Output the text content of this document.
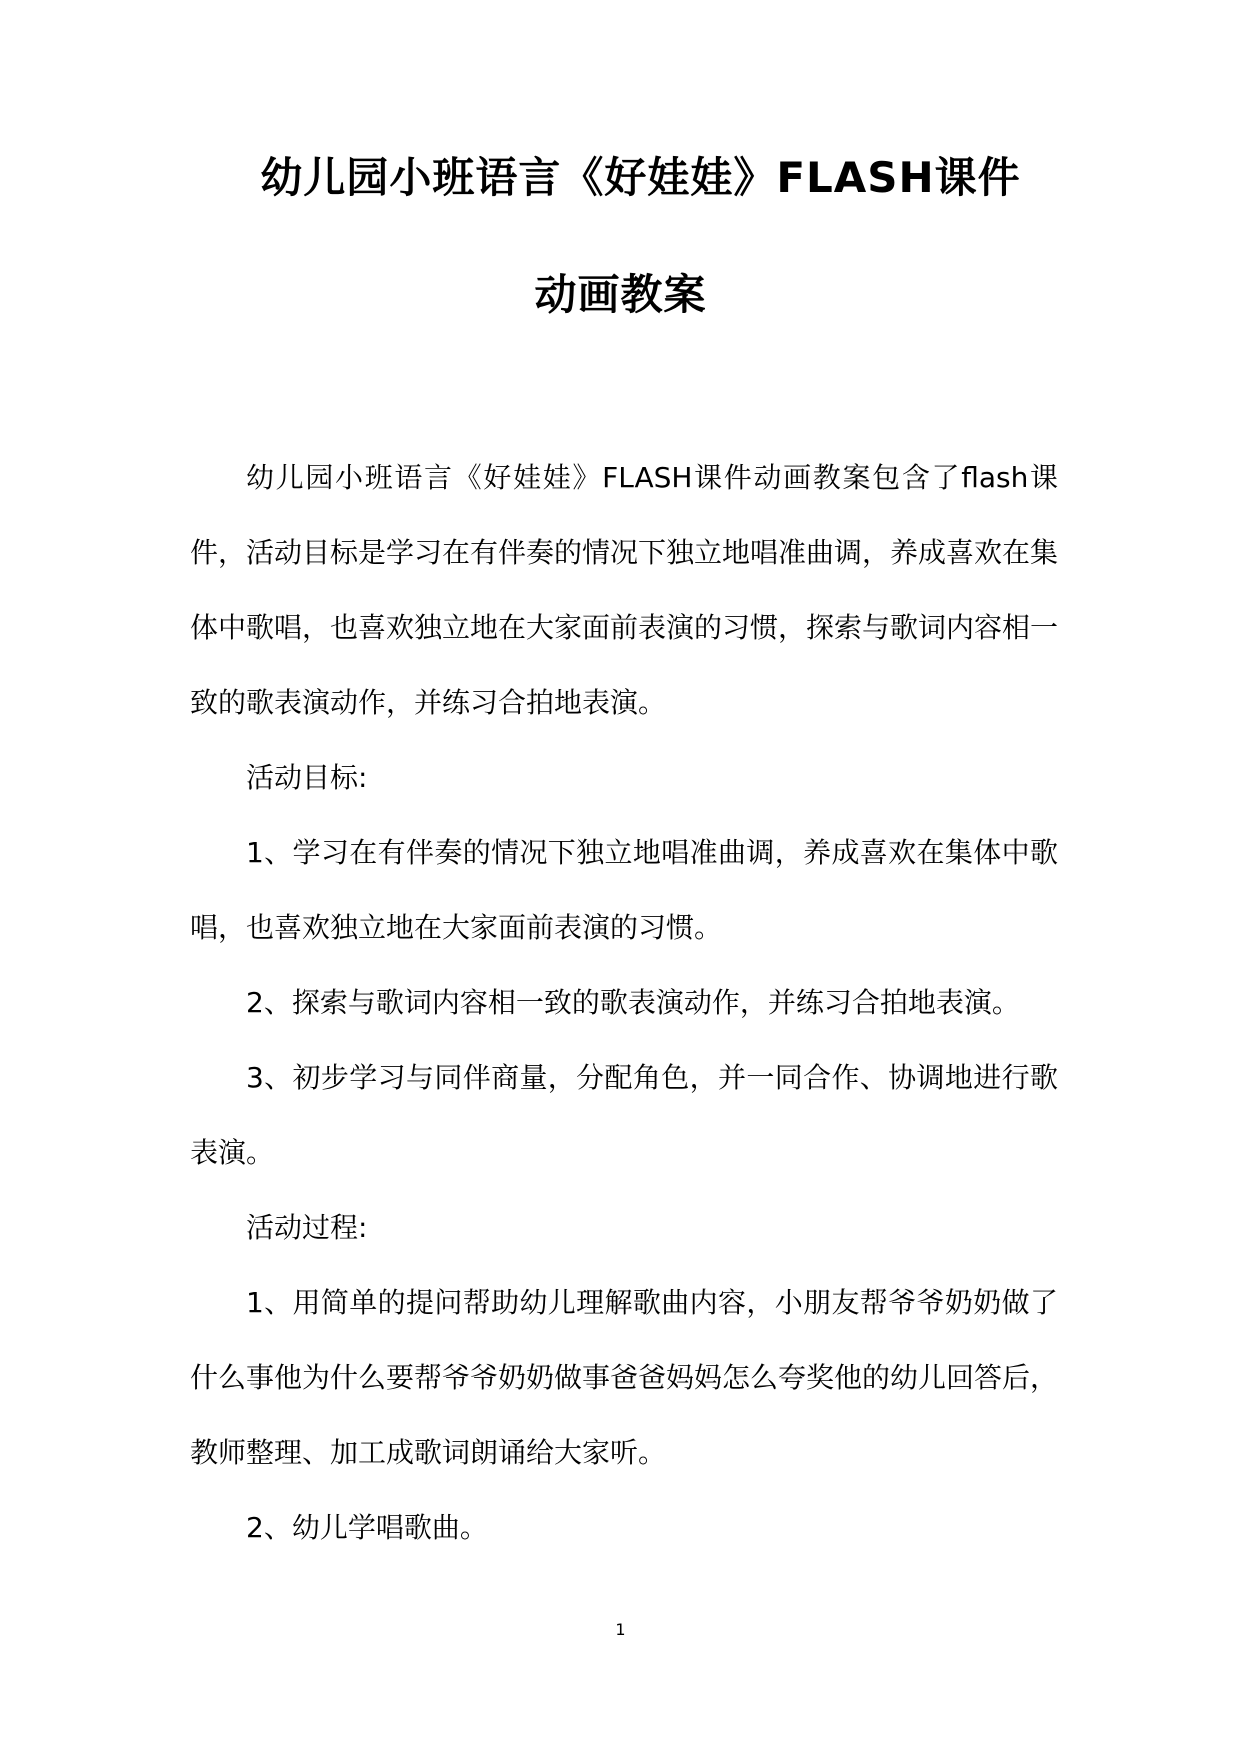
幼儿园小班语言《好娃娃》FLASH课件
动画教案

幼儿园小班语言《好娃娃》FLASH课件动画教案包含了flash课件，活动目标是学习在有伴奏的情况下独立地唱准曲调，养成喜欢在集体中歌唱，也喜欢独立地在大家面前表演的习惯，探索与歌词内容相一致的歌表演动作，并练习合拍地表演。

活动目标:

1、学习在有伴奏的情况下独立地唱准曲调，养成喜欢在集体中歌唱，也喜欢独立地在大家面前表演的习惯。

2、探索与歌词内容相一致的歌表演动作，并练习合拍地表演。

3、初步学习与同伴商量，分配角色，并一同合作、协调地进行歌表演。

活动过程:

1、用简单的提问帮助幼儿理解歌曲内容，小朋友帮爷爷奶奶做了什么事他为什么要帮爷爷奶奶做事爸爸妈妈怎么夸奖他的幼儿回答后，教师整理、加工成歌词朗诵给大家听。

2、幼儿学唱歌曲。

1
